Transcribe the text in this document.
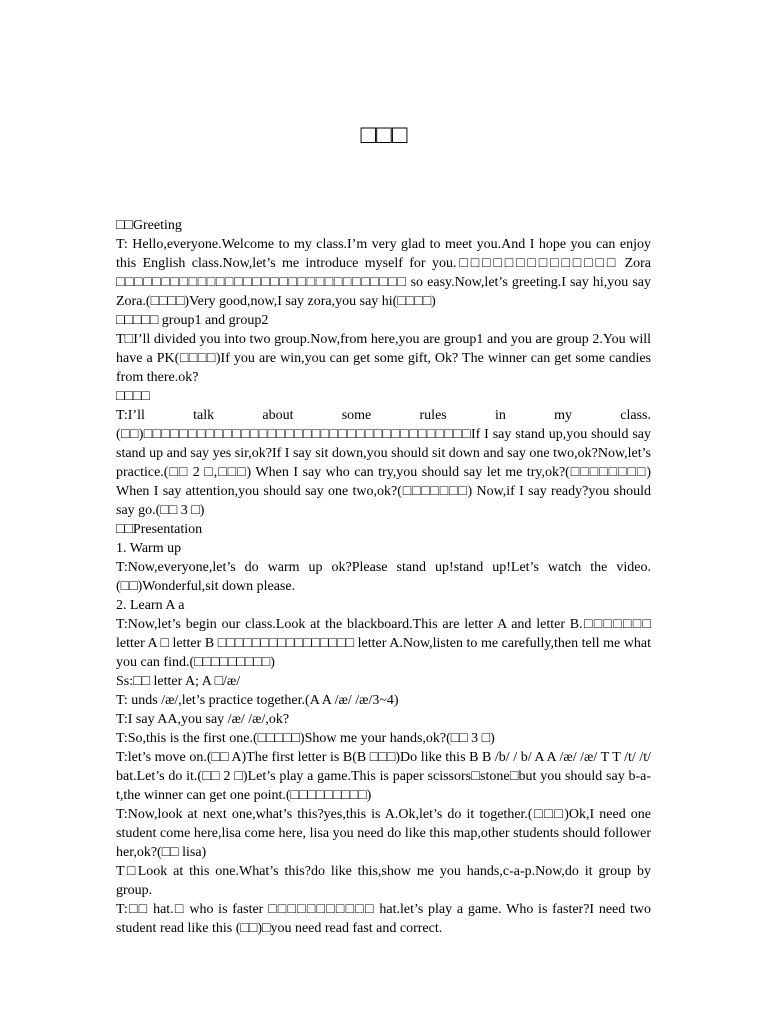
□□□

□□Greeting

T: Hello,everyone.Welcome to my class.I’m very glad to meet you.And I hope you can enjoy this English class.Now,let’s me introduce myself for you.□□□□□□□□□□□□□□ Zora □□□□□□□□□□□□□□□□□□□□□□□□□□□□□□□□ so easy.Now,let’s greeting.I say hi,you say Zora.(□□□□)Very good,now,I say zora,you say hi(□□□□)

□□□□□ group1 and group2

T□I’ll divided you into two group.Now,from here,you are group1 and you are group 2.You will have a PK(□□□□)If you are win,you can get some gift, Ok? The winner can get some candies from there.ok?

□□□□

T:I’ll talk about some rules in my class.(□□)□□□□□□□□□□□□□□□□□□□□□□□□□□□□□□□□□□□□□If I say stand up,you should say stand up and say yes sir,ok?If I say sit down,you should sit down and say one two,ok?Now,let’s practice.(□□ 2 □,□□□) When I say who can try,you should say let me try,ok?(□□□□□□□□) When I say attention,you should say one two,ok?(□□□□□□□) Now,if I say ready?you should say go.(□□ 3 □)

□□Presentation

1. Warm up

T:Now,everyone,let’s do warm up ok?Please stand up!stand up!Let’s watch the video.(□□)Wonderful,sit down please.

2. Learn A a

T:Now,let’s begin our class.Look at the blackboard.This are letter A and letter B.□□□□□□□ letter A □ letter B □□□□□□□□□□□□□□□□ letter A.Now,listen to me carefully,then tell me what you can find.(□□□□□□□□□)

Ss:□□ letter A; A □/æ/

T: unds /æ/,let’s practice together.(A A /æ/ /æ/3~4)

T:I say AA,you say /æ/ /æ/,ok?

T:So,this is the first one.(□□□□□)Show me your hands,ok?(□□ 3 □)

T:let’s move on.(□□ A)The first letter is B(B □□□)Do like this B B /b/ / b/ A A /æ/ /æ/ T T /t/ /t/ bat.Let’s do it.(□□ 2 □)Let’s play a game.This is paper scissors□stone□but you should say b-a-t,the winner can get one point.(□□□□□□□□□)

T:Now,look at next one,what’s this?yes,this is A.Ok,let’s do it together.(□□□)Ok,I need one student come here,lisa come here, lisa you need do like this map,other students should follower her,ok?(□□ lisa)

T□Look at this one.What’s this?do like this,show me you hands,c-a-p.Now,do it group by group.

T:□□ hat.□ who is faster □□□□□□□□□□□ hat.let’s play a game. Who is faster?I need two student read like this (□□)□you need read fast and correct.
